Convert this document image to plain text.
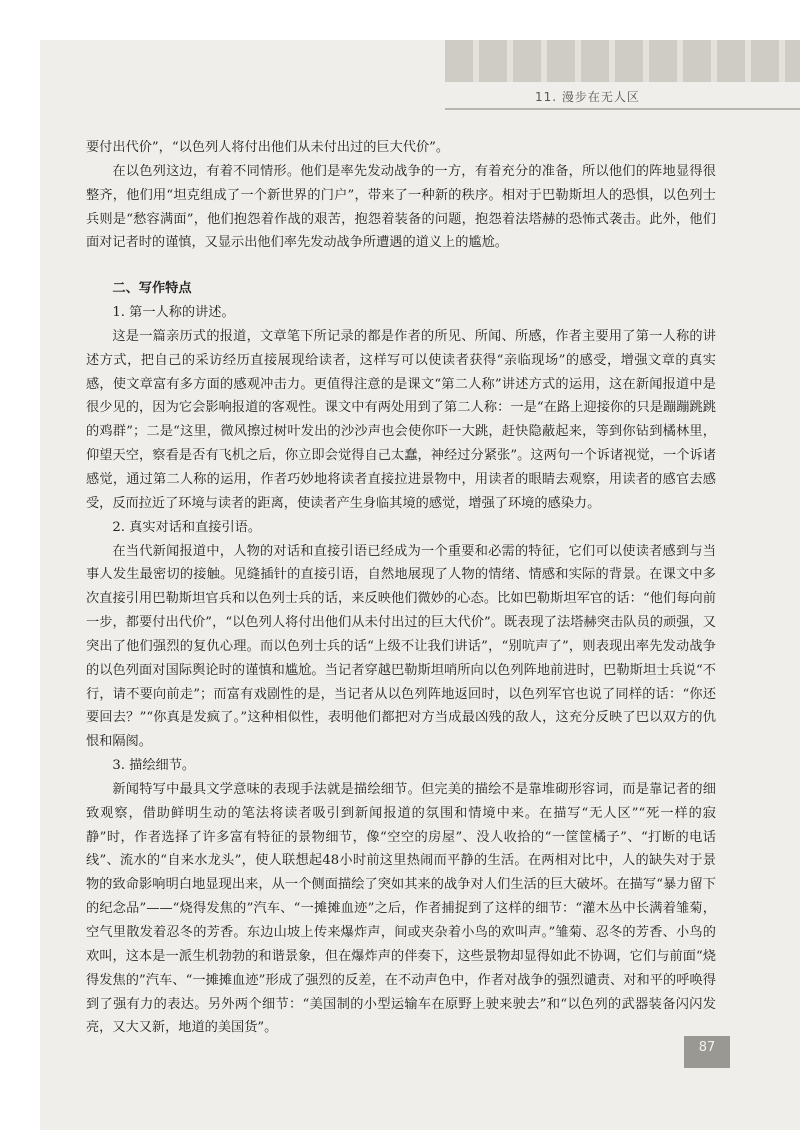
11. 漫步在无人区

要付出代价”，“以色列人将付出他们从未付出过的巨大代价”。

在以色列这边，有着不同情形。他们是率先发动战争的一方，有着充分的准备，所以他们的阵地显得很整齐，他们用“坦克组成了一个新世界的门户”，带来了一种新的秩序。相对于巴勒斯坦人的恐惧，以色列士兵则是“愁容满面”，他们抱怨着作战的艰苦，抱怨着装备的问题，抱怨着法塔赫的恐怖式袭击。此外，他们面对记者时的谨慎，又显示出他们率先发动战争所遭遇的道义上的尴尬。

二、写作特点

1. 第一人称的讲述。

这是一篇亲历式的报道，文章笔下所记录的都是作者的所见、所闻、所感，作者主要用了第一人称的讲述方式，把自己的采访经历直接展现给读者，这样写可以使读者获得“亲临现场”的感受，增强文章的真实感，使文章富有多方面的感观冲击力。更值得注意的是课文“第二人称”讲述方式的运用，这在新闻报道中是很少见的，因为它会影响报道的客观性。课文中有两处用到了第二人称：一是“在路上迎接你的只是蹦蹦跳跳的鸡群”；二是“这里，微风擦过树叶发出的沙沙声也会使你吓一大跳，赶快隐蔽起来，等到你钻到橘林里，仰望天空，察看是否有飞机之后，你立即会觉得自己太蠢，神经过分紧张”。这两句一个诉诸视觉，一个诉诸感觉，通过第二人称的运用，作者巧妙地将读者直接拉进景物中，用读者的眼睛去观察，用读者的感官去感受，反而拉近了环境与读者的距离，使读者产生身临其境的感觉，增强了环境的感染力。

2. 真实对话和直接引语。

在当代新闻报道中，人物的对话和直接引语已经成为一个重要和必需的特征，它们可以使读者感到与当事人发生最密切的接触。见缝插针的直接引语，自然地展现了人物的情绪、情感和实际的背景。在课文中多次直接引用巴勒斯坦官兵和以色列士兵的话，来反映他们微妙的心态。比如巴勒斯坦军官的话：“他们每向前一步，都要付出代价”，“以色列人将付出他们从未付出过的巨大代价”。既表现了法塔赫突击队员的顽强，又突出了他们强烈的复仇心理。而以色列士兵的话“上级不让我们讲话”，“别吭声了”，则表现出率先发动战争的以色列面对国际舆论时的谨慎和尴尬。当记者穿越巴勒斯坦哨所向以色列阵地前进时，巴勒斯坦士兵说“不行，请不要向前走”；而富有戏剧性的是，当记者从以色列阵地返回时，以色列军官也说了同样的话：“你还要回去？”“你真是发疯了。”这种相似性，表明他们都把对方当成最凶残的敌人，这充分反映了巴以双方的仇恨和隔阂。

3. 描绘细节。

新闻特写中最具文学意味的表现手法就是描绘细节。但完美的描绘不是靠堆砌形容词，而是靠记者的细致观察，借助鲜明生动的笔法将读者吸引到新闻报道的氛围和情境中来。在描写“无人区”“死一样的寂静”时，作者选择了许多富有特征的景物细节，像“空空的房屋”、没人收拾的“一筐筐橘子”、“打断的电话线”、流水的“自来水龙头”，使人联想起48小时前这里热闹而平静的生活。在两相对比中，人的缺失对于景物的致命影响明白地显现出来，从一个侧面描绘了突如其来的战争对人们生活的巨大破坏。在描写“暴力留下的纪念品”——“烧得发焦的”汽车、“一摊摊血迹”之后，作者捕捉到了这样的细节：“灌木丛中长满着雏菊，空气里散发着忍冬的芳香。东边山坡上传来爆炸声，间或夹杂着小鸟的欢叫声。”雏菊、忍冬的芳香、小鸟的欢叫，这本是一派生机勃勃的和谐景象，但在爆炸声的伴奏下，这些景物却显得如此不协调，它们与前面“烧得发焦的”汽车、“一摊摊血迹”形成了强烈的反差，在不动声色中，作者对战争的强烈谴责、对和平的呼唤得到了强有力的表达。另外两个细节：“美国制的小型运输车在原野上驶来驶去”和“以色列的武器装备闪闪发亮，又大又新，地道的美国货”。

87
